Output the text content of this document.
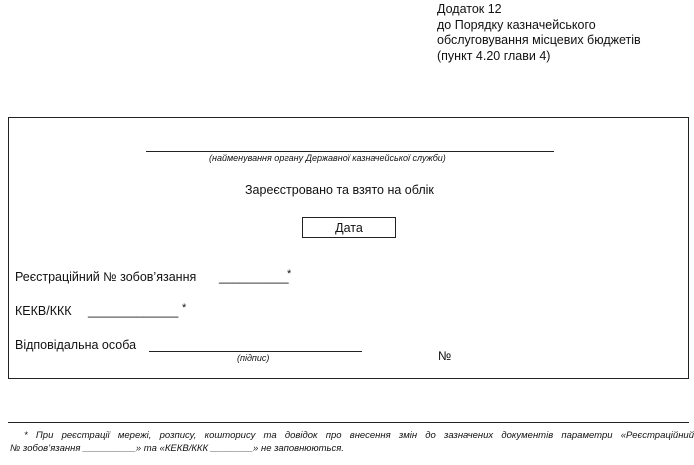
Додаток 12
до Порядку казначейського
обслуговування місцевих бюджетів
(пункт 4.20 глави 4)
(найменування органу Державної казначейської служби)
Зареєстровано та взято на облік
Дата
Реєстраційний № зобов’язання __________
*
КЕКВ/ККК _____________ *
Відповідальна особа
(підпис)	№
* При реєстрації мережі, розпису, кошторису та довідок про внесення змін до зазначених документів параметри «Реєстраційний
№ зобов’язання __________» та «КЕКВ/ККК ________» не заповнюються.
